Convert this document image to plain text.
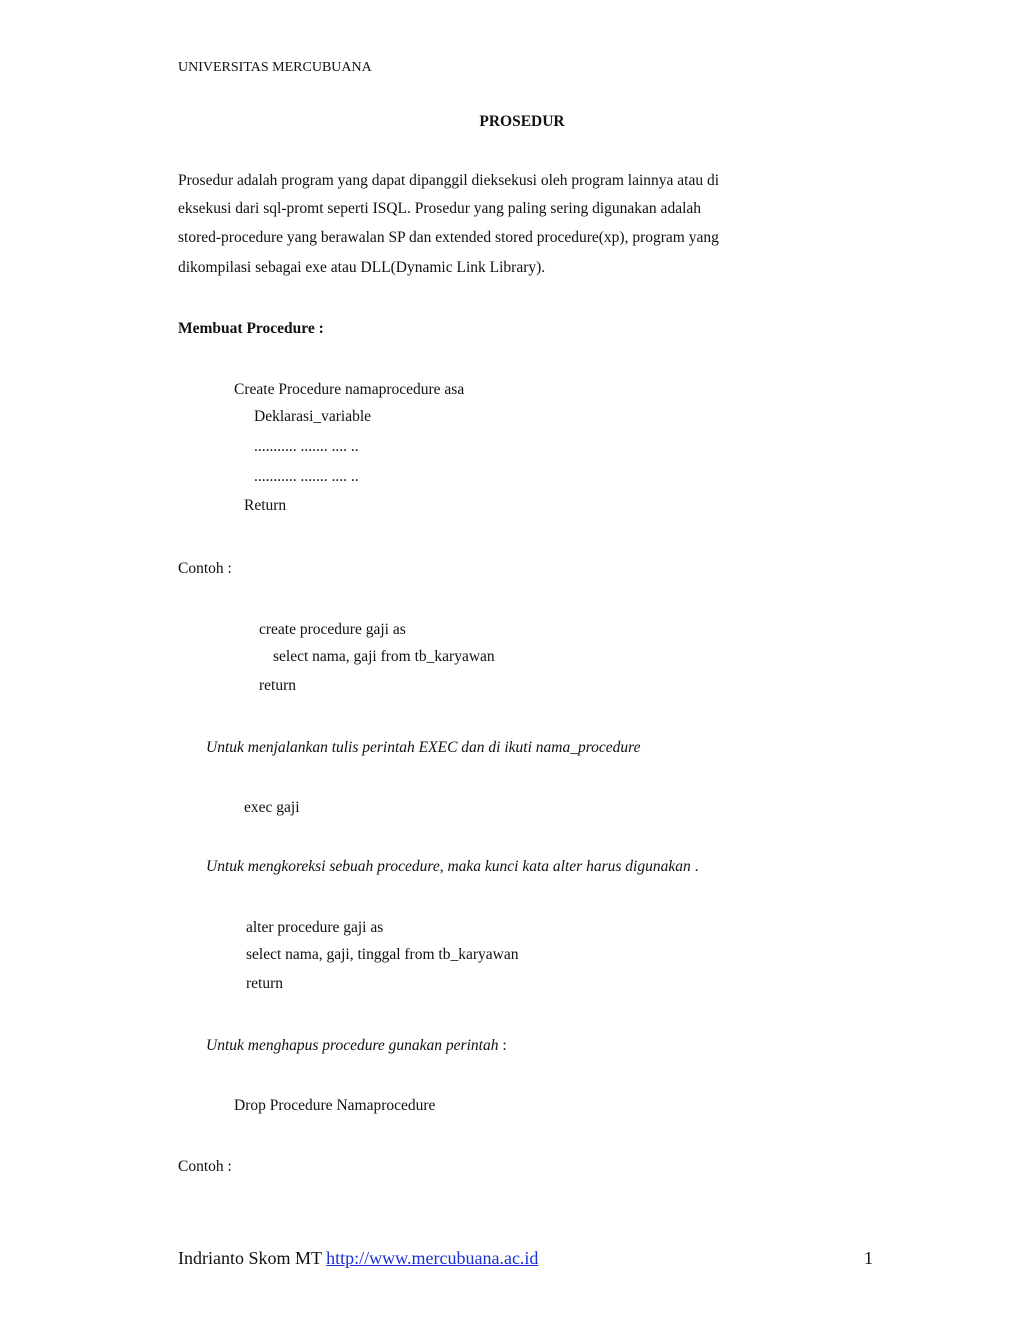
UNIVERSITAS MERCUBUANA
PROSEDUR
Prosedur adalah program yang dapat dipanggil dieksekusi oleh program lainnya atau di
eksekusi dari sql-promt seperti ISQL. Prosedur yang paling sering digunakan adalah
stored-procedure yang berawalan SP dan extended stored procedure(xp), program yang
dikompilasi sebagai exe atau DLL(Dynamic Link Library).
Membuat Procedure :
Create Procedure namaprocedure asa
Deklarasi_variable
........... ....... .... ..
........... ....... .... ..
Return
Contoh :
create procedure gaji as
select nama, gaji from tb_karyawan
return
Untuk menjalankan tulis perintah EXEC dan di ikuti nama_procedure
exec gaji
Untuk mengkoreksi sebuah procedure, maka kunci kata alter harus digunakan .
alter procedure gaji as
select nama, gaji, tinggal from tb_karyawan
return
Untuk menghapus procedure gunakan perintah :
Drop Procedure Namaprocedure
Contoh :
Indrianto Skom MT http://www.mercubuana.ac.id	1
